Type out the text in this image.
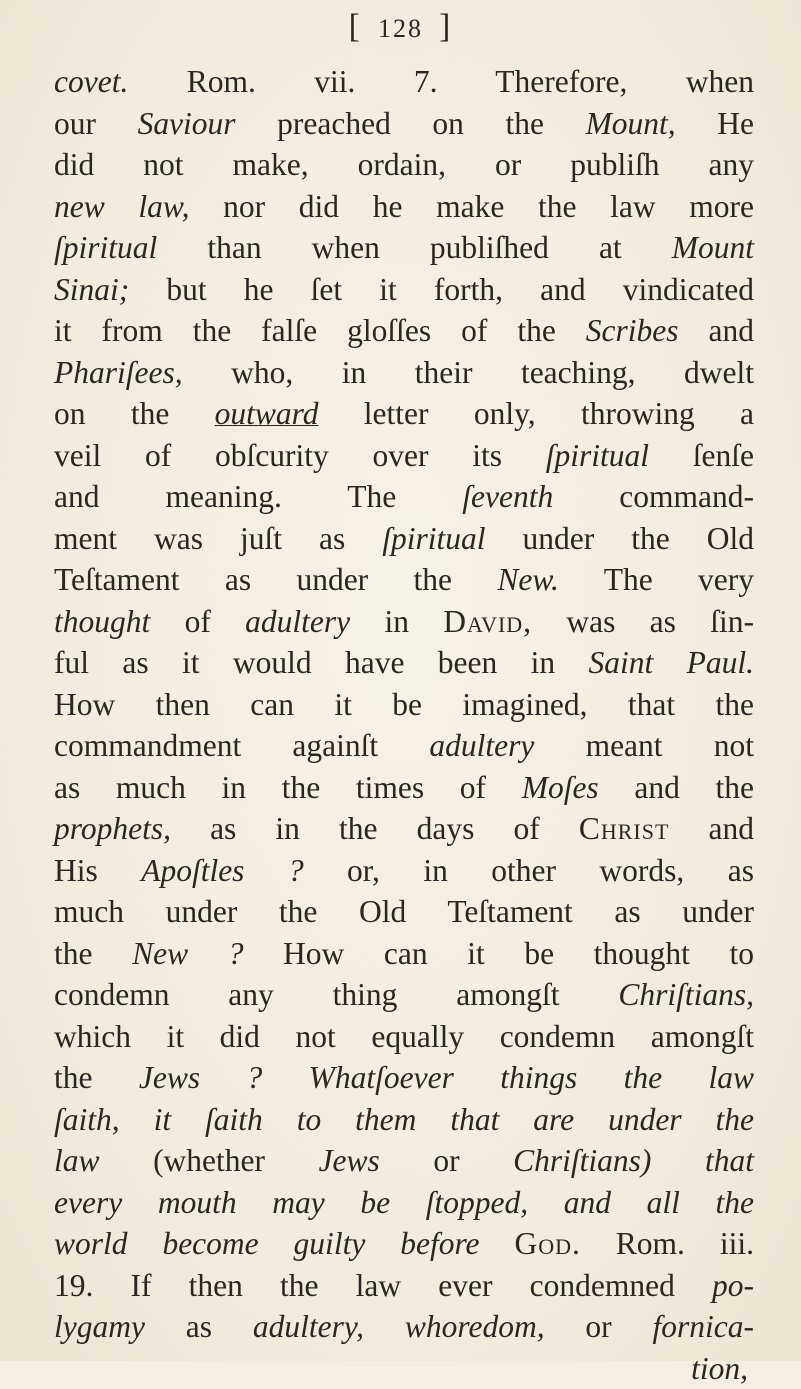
[ 128 ]
covet. Rom. vii. 7. Therefore, when
our Saviour preached on the Mount, He
did not make, ordain, or publiſh any
new law, nor did he make the law more
ſpiritual than when publiſhed at Mount
Sinai; but he ſet it forth, and vindicated
it from the falſe gloſſes of the Scribes and
Phariſees, who, in their teaching, dwelt
on the outward letter only, throwing a
veil of obſcurity over its ſpiritual ſenſe
and meaning. The ſeventh command-
ment was juſt as ſpiritual under the Old
Teſtament as under the New. The very
thought of adultery in David, was as ſin-
ful as it would have been in Saint Paul.
How then can it be imagined, that the
commandment againſt adultery meant not
as much in the times of Moſes and the
prophets, as in the days of Christ and
His Apoſtles ? or, in other words, as
much under the Old Teſtament as under
the New ? How can it be thought to
condemn any thing amongſt Chriſtians,
which it did not equally condemn amongſt
the Jews ? Whatſoever things the law
ſaith, it ſaith to them that are under the
law (whether Jews or Chriſtians) that
every mouth may be ſtopped, and all the
world become guilty before God. Rom. iii.
19. If then the law ever condemned po-
lygamy as adultery, whoredom, or fornica-
tion,
